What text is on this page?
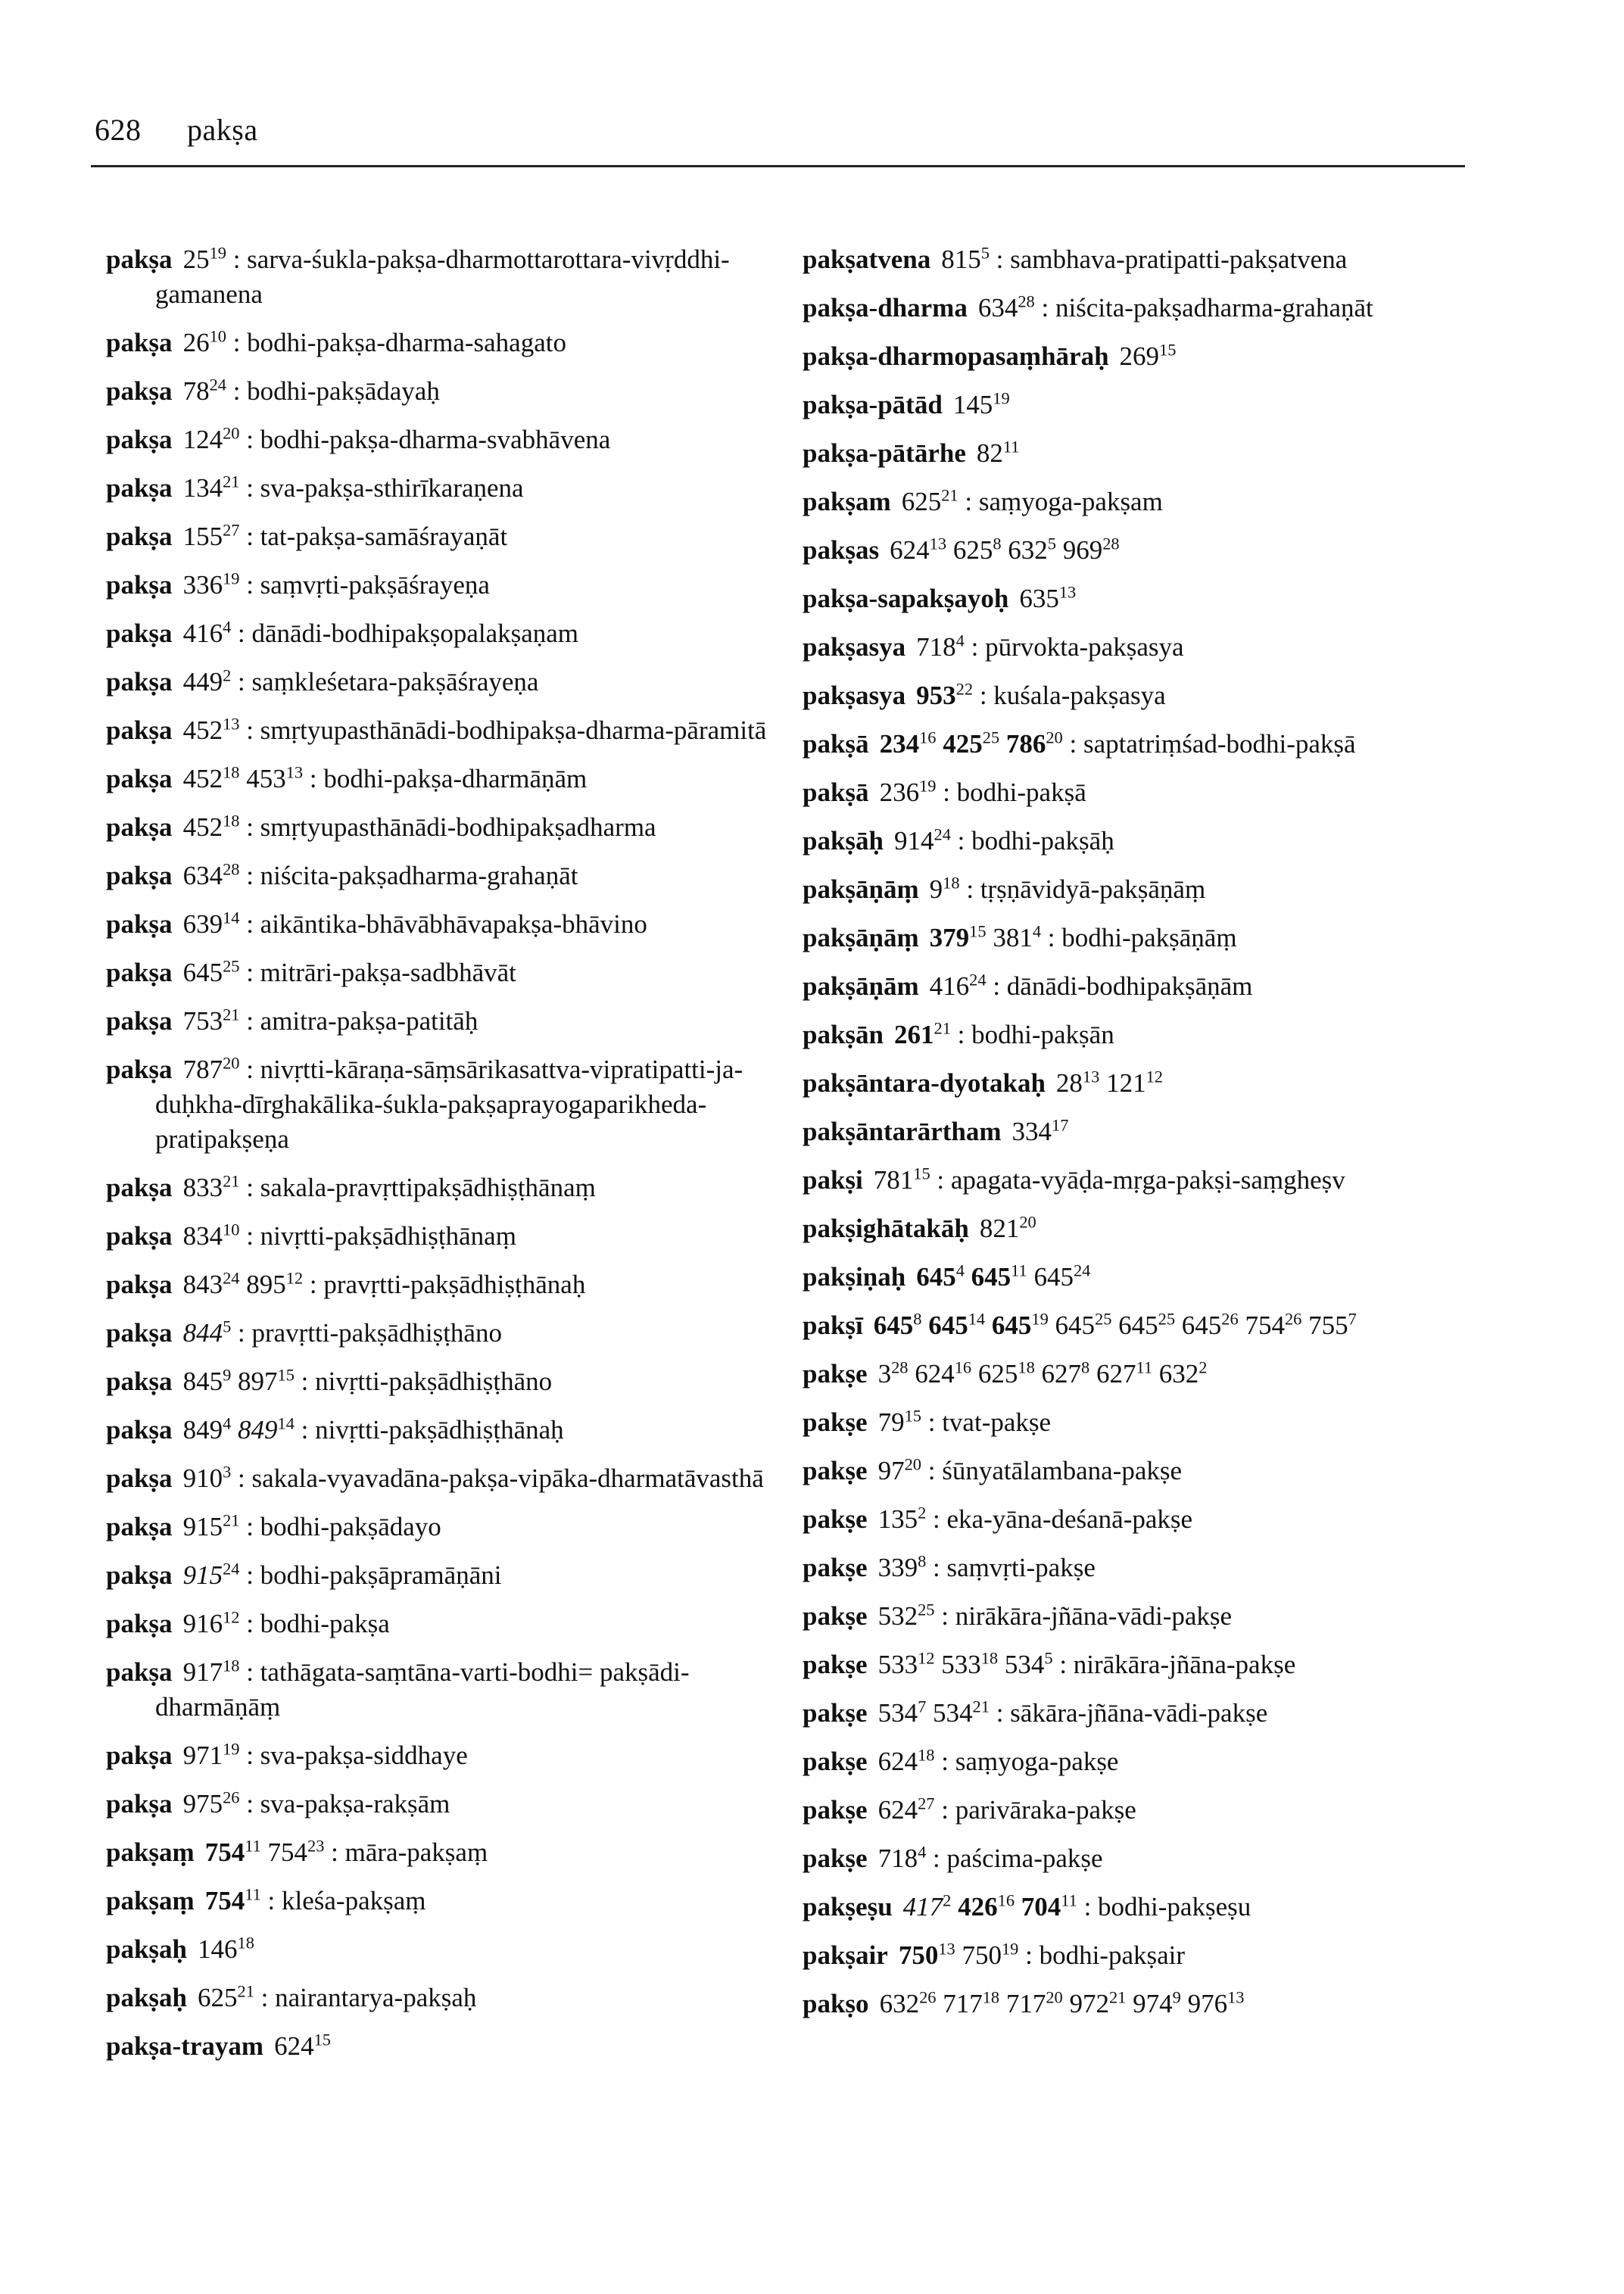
628 pakṣa
pakṣa $25^{19}$ : sarva-śukla-pakṣa-dharmottarottara-vivṛddhi-gamanena
pakṣa $26^{10}$ : bodhi-pakṣa-dharma-sahagato
pakṣa $78^{24}$ : bodhi-pakṣādayaḥ
pakṣa $124^{20}$ : bodhi-pakṣa-dharma-svabhāvena
pakṣa $134^{21}$ : sva-pakṣa-sthirīkaraṇena
pakṣa $155^{27}$ : tat-pakṣa-samāśrayaṇāt
pakṣa $336^{19}$ : saṃvṛti-pakṣāśrayeṇa
pakṣa $416^4$ : dānādi-bodhipakṣopalakṣaṇam
pakṣa $449^2$ : saṃkleśetara-pakṣāśrayeṇa
pakṣa $452^{13}$ : smṛtyupasthānādi-bodhipakṣa-dharma-pāramitā
pakṣa $452^{18}$ $453^{13}$ : bodhi-pakṣa-dharmāṇām
pakṣa $452^{18}$ : smṛtyupasthānādi-bodhipakṣadharma
pakṣa $634^{28}$ : niścita-pakṣadharma-grahaṇāt
pakṣa $639^{14}$ : aikāntika-bhāvābhāvapakṣa-bhāvino
pakṣa $645^{25}$ : mitrāri-pakṣa-sadbhāvāt
pakṣa $753^{21}$ : amitra-pakṣa-patitāḥ
pakṣa $787^{20}$ : nivṛtti-kāraṇa-sāṃsārikasattva-vipratipatti-ja-duḥkha-dīrghakālika-śukla-pakṣaprayogaparikheda-pratipakṣeṇa
pakṣa $833^{21}$ : sakala-pravṛttipakṣādhiṣṭhānaṃ
pakṣa $834^{10}$ : nivṛtti-pakṣādhiṣṭhānaṃ
pakṣa $843^{24}$ $895^{12}$ : pravṛtti-pakṣādhiṣṭhānaḥ
pakṣa $844^5$ : pravṛtti-pakṣādhiṣṭhāno
pakṣa $845^9$ $897^{15}$ : nivṛtti-pakṣādhiṣṭhāno
pakṣa $849^4$ $849^{14}$ : nivṛtti-pakṣādhiṣṭhānaḥ
pakṣa $910^3$ : sakala-vyavadāna-pakṣa-vipāka-dharmatāvasthā
pakṣa $915^{21}$ : bodhi-pakṣādayo
pakṣa $915^{24}$ : bodhi-pakṣāpramāṇāni
pakṣa $916^{12}$ : bodhi-pakṣa
pakṣa $917^{18}$ : tathāgata-saṃtāna-varti-bodhi= pakṣādi-dharmāṇāṃ
pakṣa $971^{19}$ : sva-pakṣa-siddhaye
pakṣa $975^{26}$ : sva-pakṣa-rakṣām
pakṣaṃ $754^{11}$ $754^{23}$ : māra-pakṣaṃ
pakṣaṃ $754^{11}$ : kleśa-pakṣaṃ
pakṣaḥ $146^{18}$
pakṣaḥ $625^{21}$ : nairantarya-pakṣaḥ
pakṣa-trayam $624^{15}$
pakṣatvena $815^5$ : sambhava-pratipatti-pakṣatvena
pakṣa-dharma $634^{28}$ : niścita-pakṣadharma-grahaṇāt
pakṣa-dharmopasaṃhāraḥ $269^{15}$
pakṣa-pātād $145^{19}$
pakṣa-pātārhe $82^{11}$
pakṣam $625^{21}$ : saṃyoga-pakṣam
pakṣas $624^{13}$ $625^8$ $632^5$ $969^{28}$
pakṣa-sapakṣayoḥ $635^{13}$
pakṣasya $718^4$ : pūrvokta-pakṣasya
pakṣasya $953^{22}$ : kuśala-pakṣasya
pakṣā $234^{16}$ $425^{25}$ $786^{20}$ : saptatriṃśad-bodhi-pakṣā
pakṣā $236^{19}$ : bodhi-pakṣā
pakṣāḥ $914^{24}$ : bodhi-pakṣāḥ
pakṣāṇāṃ $9^{18}$ : tṛṣṇāvidyā-pakṣāṇāṃ
pakṣāṇāṃ $379^{15}$ $381^4$ : bodhi-pakṣāṇāṃ
pakṣāṇām $416^{24}$ : dānādi-bodhipakṣāṇām
pakṣān $261^{21}$ : bodhi-pakṣān
pakṣāntara-dyotakaḥ $28^{13}$ $121^{12}$
pakṣāntarārtham $334^{17}$
pakṣi $781^{15}$ : apagata-vyāḍa-mṛga-pakṣi-saṃgheṣv
pakṣighātakāḥ $821^{20}$
pakṣiṇaḥ $645^4$ $645^{11}$ $645^{24}$
pakṣī $645^8$ $645^{14}$ $645^{19}$ $645^{25}$ $645^{25}$ $645^{26}$ $754^{26}$ $755^7$
pakṣe $3^{28}$ $624^{16}$ $625^{18}$ $627^8$ $627^{11}$ $632^2$
pakṣe $79^{15}$ : tvat-pakṣe
pakṣe $97^{20}$ : śūnyatālambana-pakṣe
pakṣe $135^2$ : eka-yāna-deśanā-pakṣe
pakṣe $339^8$ : saṃvṛti-pakṣe
pakṣe $532^{25}$ : nirākāra-jñāna-vādi-pakṣe
pakṣe $533^{12}$ $533^{18}$ $534^5$ : nirākāra-jñāna-pakṣe
pakṣe $534^7$ $534^{21}$ : sākāra-jñāna-vādi-pakṣe
pakṣe $624^{18}$ : saṃyoga-pakṣe
pakṣe $624^{27}$ : parivāraka-pakṣe
pakṣe $718^4$ : paścima-pakṣe
pakṣeṣu $417^2$ $426^{16}$ $704^{11}$ : bodhi-pakṣeṣu
pakṣair $750^{13}$ $750^{19}$ : bodhi-pakṣair
pakṣo $632^{26}$ $717^{18}$ $717^{20}$ $972^{21}$ $974^9$ $976^{13}$
